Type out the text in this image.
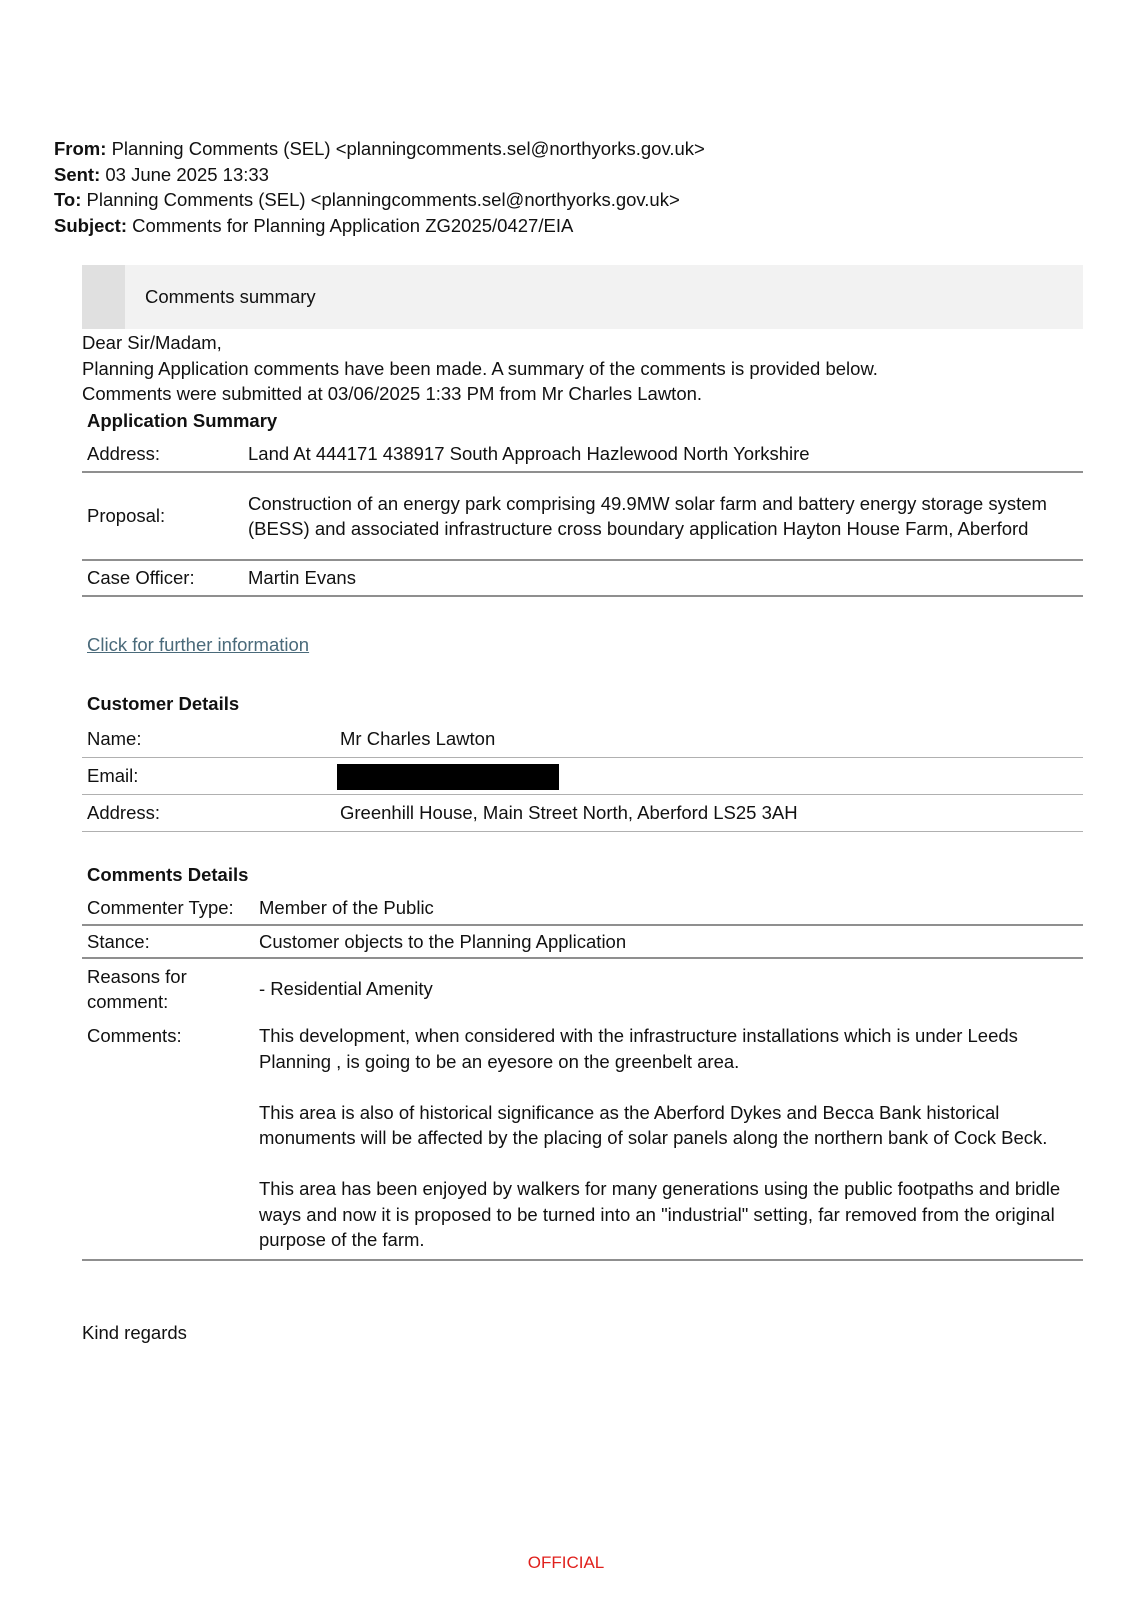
From: Planning Comments (SEL) <planningcomments.sel@northyorks.gov.uk>
Sent: 03 June 2025 13:33
To: Planning Comments (SEL) <planningcomments.sel@northyorks.gov.uk>
Subject: Comments for Planning Application ZG2025/0427/EIA
Comments summary
Dear Sir/Madam,
Planning Application comments have been made. A summary of the comments is provided below.
Comments were submitted at 03/06/2025 1:33 PM from Mr Charles Lawton.
Application Summary
Address:	Land At 444171 438917 South Approach Hazlewood North Yorkshire
Proposal:	Construction of an energy park comprising 49.9MW solar farm and battery energy storage system (BESS) and associated infrastructure cross boundary application Hayton House Farm, Aberford
Case Officer:	Martin Evans
Click for further information
Customer Details
Name:	Mr Charles Lawton
Email:	
Address:	Greenhill House, Main Street North, Aberford LS25 3AH
Comments Details
Commenter Type:	Member of the Public
Stance:	Customer objects to the Planning Application
Reasons for comment:	- Residential Amenity
Comments:	This development, when considered with the infrastructure installations which is under Leeds Planning , is going to be an eyesore on the greenbelt area.

This area is also of historical significance as the Aberford Dykes and Becca Bank historical monuments will be affected by the placing of solar panels along the northern bank of Cock Beck.

This area has been enjoyed by walkers for many generations using the public footpaths and bridle ways and now it is proposed to be turned into an "industrial" setting, far removed from the original purpose of the farm.

Kind regards
OFFICIAL
